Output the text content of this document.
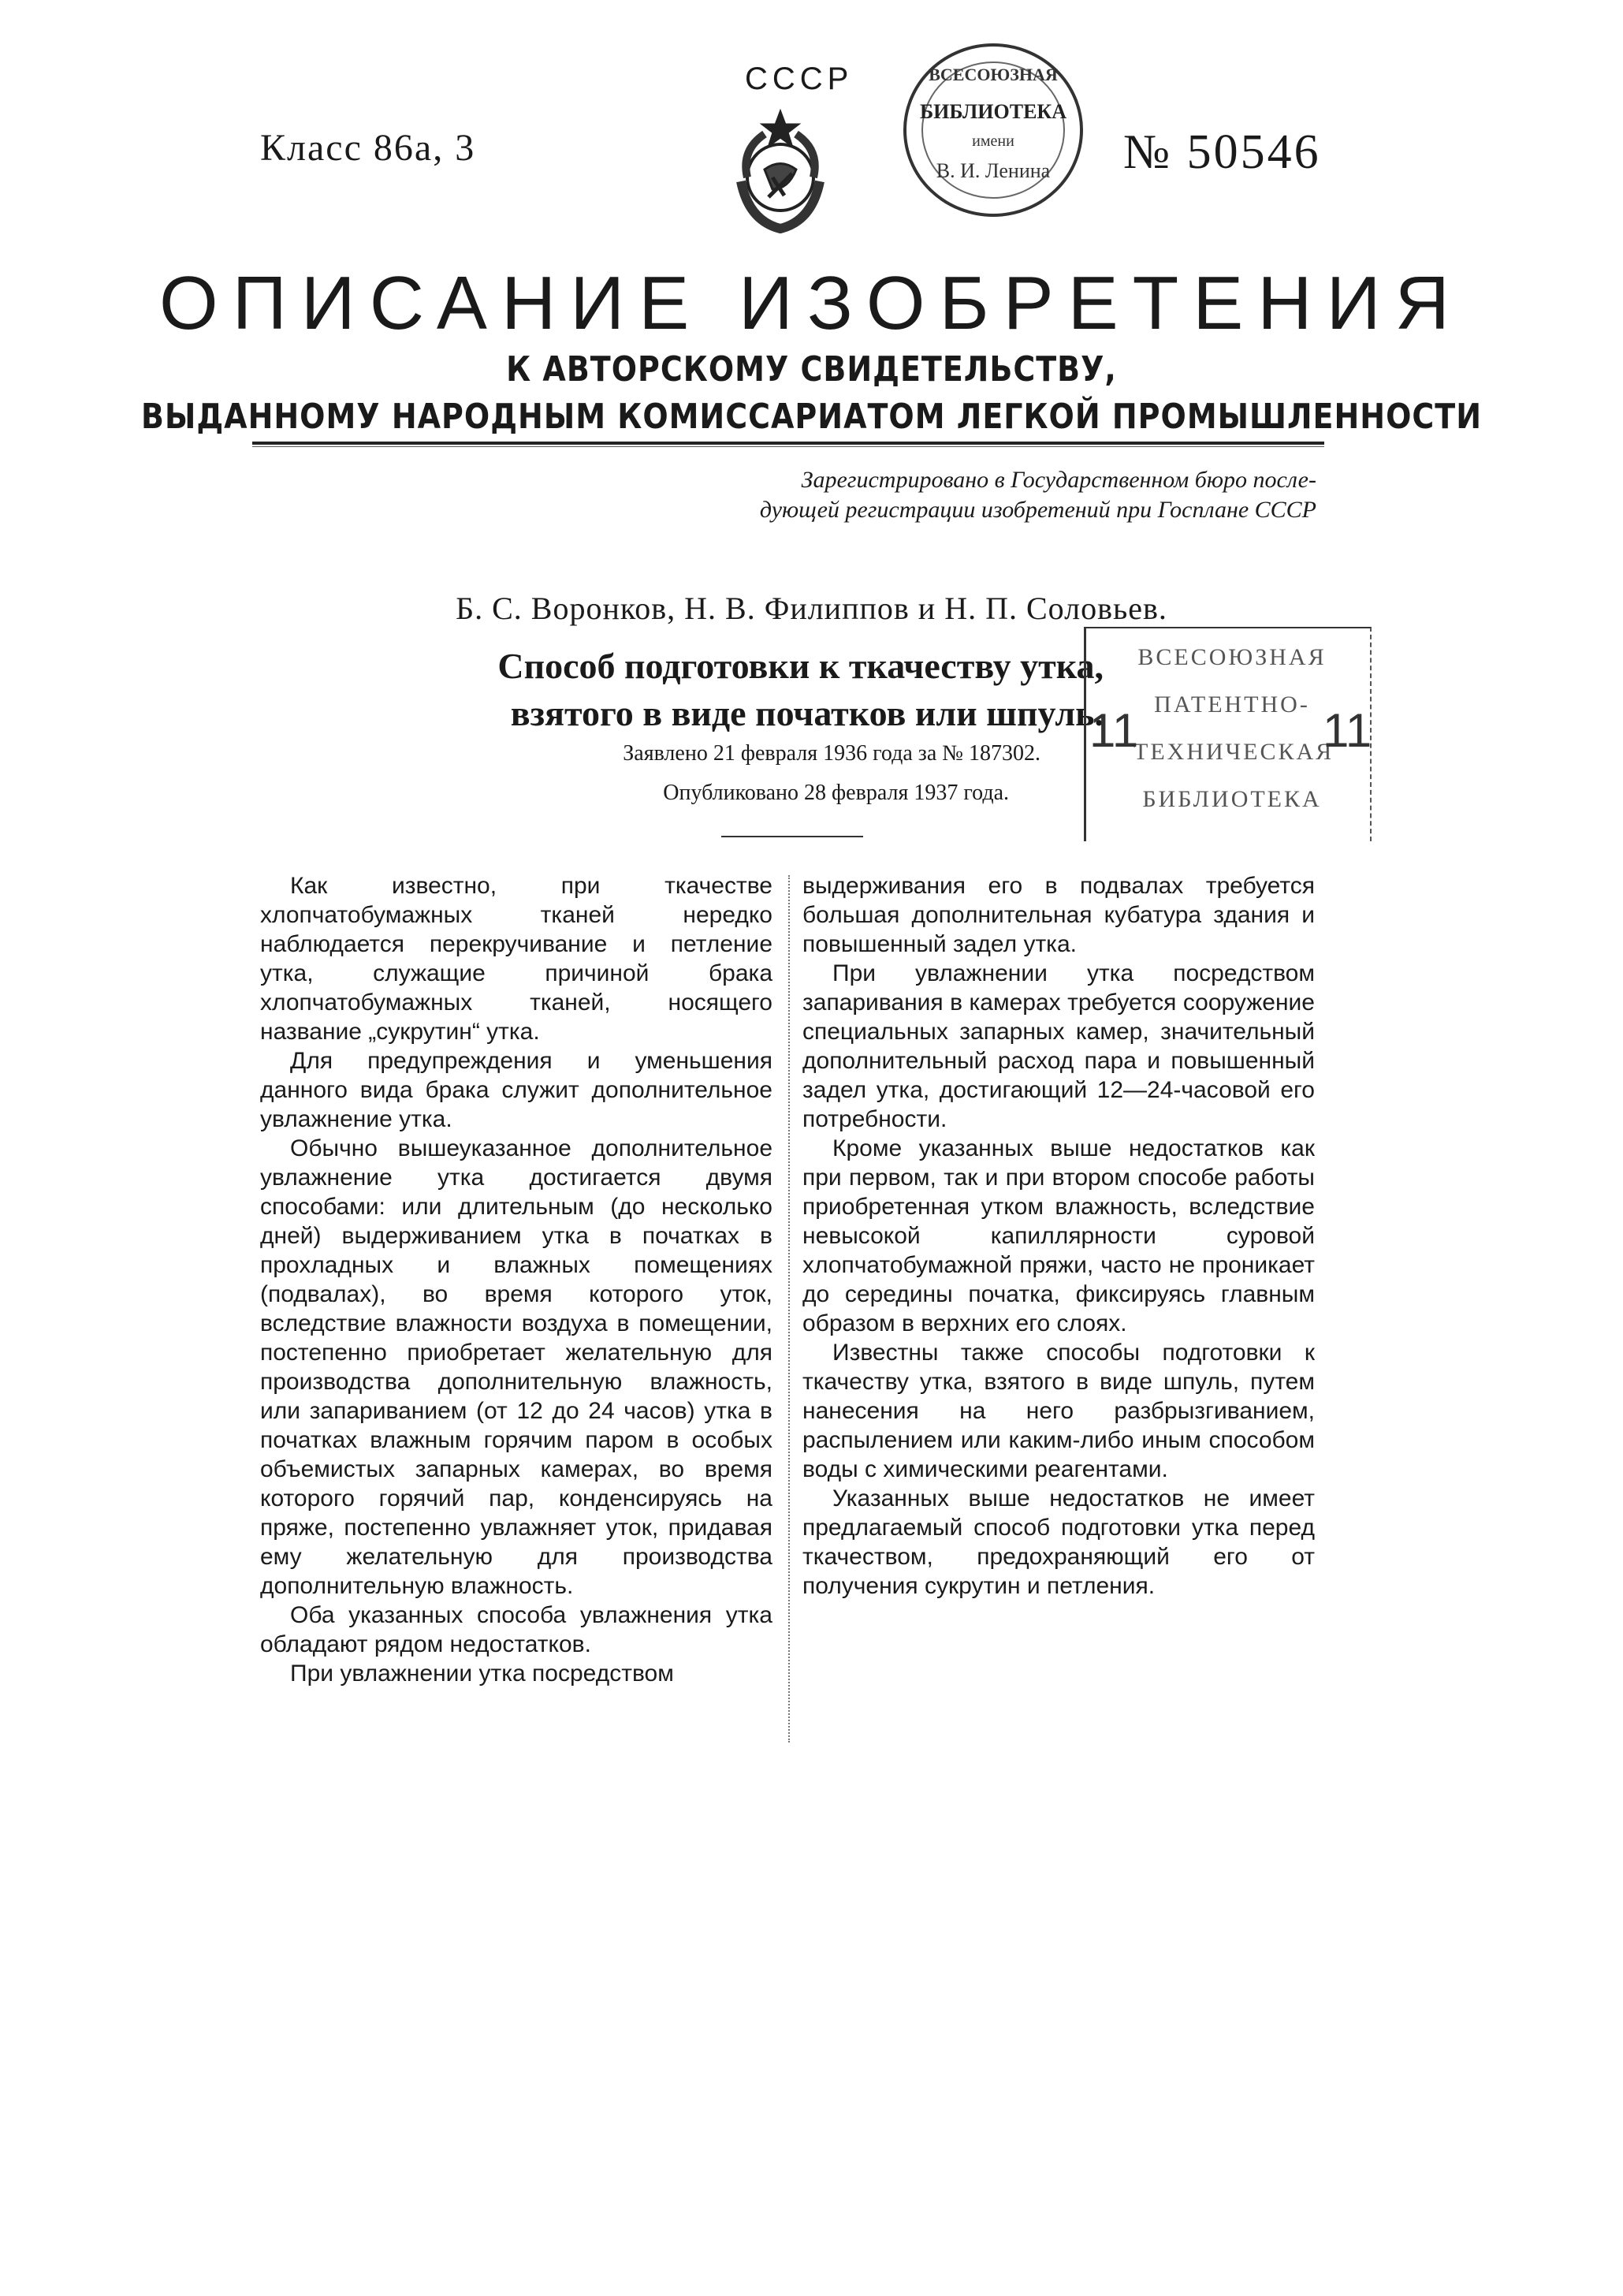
Класс 86а, 3
СССР	ВСЕСОЮЗНАЯ
БИБЛИОТЕКА
имени
В. И. Ленина № 50546
ОПИСАНИЕ ИЗОБРЕТЕНИЯ
К АВТОРСКОМУ СВИДЕТЕЛЬСТВУ,
ВЫДАННОМУ НАРОДНЫМ КОМИССАРИАТОМ ЛЕГКОЙ ПРОМЫШЛЕННОСТИ
Зарегистрировано в Государственном бюро после-
дующей регистрации изобретений при Госплане СССР
Б. С. Воронков, Н. В. Филиппов и Н. П. Соловьев.
Способ подготовки к ткачеству утка,
взятого в виде початков или шпуль.
Заявлено 21 февраля 1936 года за № 187302.
Опубликовано 28 февраля 1937 года.
ВСЕСОЮЗНАЯ
ПАТЕНТНО-
ТЕХНИЧЕСКАЯ
БИБЛИОТЕКА
11	11

Как известно, при ткачестве хлопчатобумажных тканей нередко наблюдается перекручивание и петление утка, служащие причиной брака хлопчатобумажных тканей, носящего название „сукрутин“ утка.

Для предупреждения и уменьшения данного вида брака служит дополнительное увлажнение утка.

Обычно вышеуказанное дополнительное увлажнение утка достигается двумя способами: или длительным (до несколько дней) выдерживанием утка в початках в прохладных и влажных помещениях (подвалах), во время которого уток, вследствие влажности воздуха в помещении, постепенно приобретает желательную для производства дополнительную влажность, или запариванием (от 12 до 24 часов) утка в початках влажным горячим паром в особых объемистых запарных камерах, во время которого горячий пар, конденсируясь на пряже, постепенно увлажняет уток, придавая ему желательную для производства дополнительную влажность.

Оба указанных способа увлажнения утка обладают рядом недостатков.

При увлажнении утка посредством

выдерживания его в подвалах требуется большая дополнительная кубатура здания и повышенный задел утка.

При увлажнении утка посредством запаривания в камерах требуется сооружение специальных запарных камер, значительный дополнительный расход пара и повышенный задел утка, достигающий 12—24-часовой его потребности.

Кроме указанных выше недостатков как при первом, так и при втором способе работы приобретенная утком влажность, вследствие невысокой капиллярности суровой хлопчатобумажной пряжи, часто не проникает до середины початка, фиксируясь главным образом в верхних его слоях.

Известны также способы подготовки к ткачеству утка, взятого в виде шпуль, путем нанесения на него разбрызгиванием, распылением или каким-либо иным способом воды с химическими реагентами.

Указанных выше недостатков не имеет предлагаемый способ подготовки утка перед ткачеством, предохраняющий его от получения сукрутин и петления.
